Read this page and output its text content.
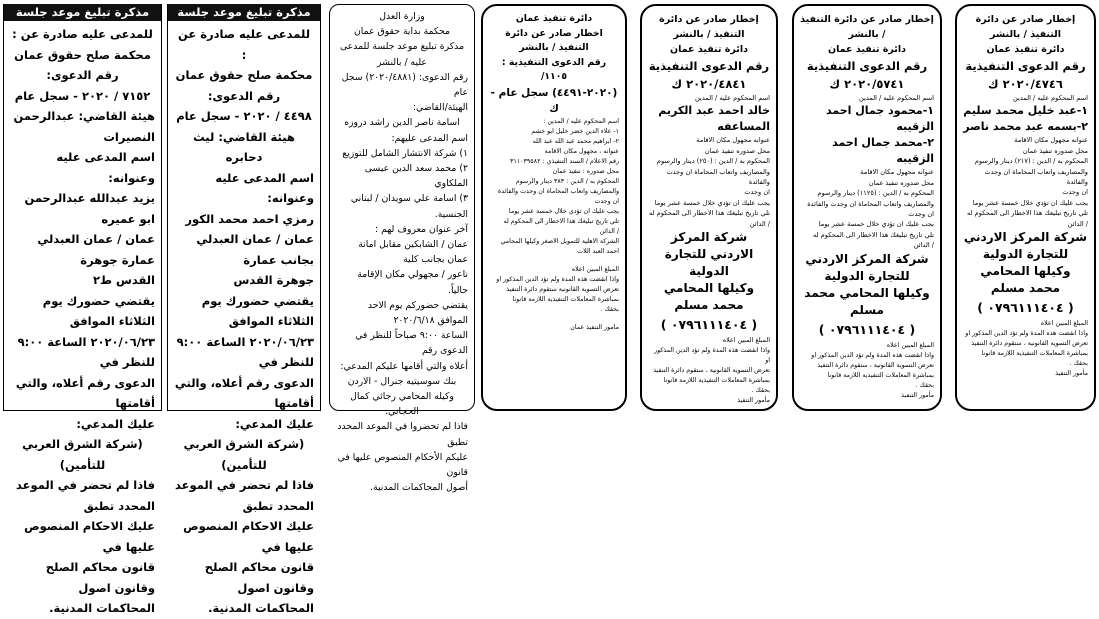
مذكرة تبليغ موعد جلسة

للمدعى عليه صادرة عن :

محكمة صلح حقوق عمان

رقم الدعوى:

٧١٥٢ / ٢٠٢٠ - سجل عام

هيئة القاضي: عبدالرحمن النصيرات

اسم المدعى عليه وعنوانه:

يزيد عبدالله عبدالرحمن ابو عميره

عمان / عمان العبدلي عمارة جوهرة

القدس ط٢

يقتضي حضورك يوم الثلاثاء الموافق

٢٠٢٠/٠٦/٢٣ الساعة ٩:٠٠ للنظر في

الدعوى رقم أعلاه، والتي أقامتها

عليك المدعي:

(شركة الشرق العربي للتأمين)

فاذا لم تحضر في الموعد المحدد تطبق

عليك الاحكام المنصوص عليها في

قانون محاكم الصلح وقانون اصول

المحاكمات المدنية.

مذكرة تبليغ موعد جلسة

للمدعى عليه صادرة عن :

محكمة صلح حقوق عمان

رقم الدعوى:

٤٤٩٨ / ٢٠٢٠ - سجل عام

هيئة القاضي: ليث دحابره

اسم المدعى عليه وعنوانه:

رمزي احمد محمد الكور

عمان / عمان العبدلي بجانب عمارة

جوهرة القدس

يقتضي حضورك يوم الثلاثاء الموافق

٢٠٢٠/٠٦/٢٣ الساعة ٩:٠٠ للنظر في

الدعوى رقم أعلاه، والتي أقامتها

عليك المدعي:

(شركة الشرق العربي للتأمين)

فاذا لم تحضر في الموعد المحدد تطبق

عليك الاحكام المنصوص عليها في

قانون محاكم الصلح وقانون اصول

المحاكمات المدنية.

وزارة العدل

محكمة بداية حقوق عمان

مذكرة تبليغ موعد جلسة للمدعى

عليه / بالنشر

رقم الدعوى: (٢٠٢٠/٤٨٨١) سجل عام

الهيئة/القاضي:

اسامة ناصر الدين راشد دروزه

اسم المدعى عليهم:

١) شركة الانتشار الشامل للتوزيع

٢) محمد سعد الدين عيسى الملكاوي

٣) اسامة علي سويدان / لبناني الجنسية.

آخر عنوان معروف لهم :

عمان / الشابكين مقابل امانة عمان بجانب كلية

ناعور / مجهولي مكان الإقامة حالياً.

يقتضي حضوركم يوم الاحد الموافق ٢٠٢٠/٦/١٨

الساعة ٩:٠٠ صباحاً للنظر في الدعوى رقم

أعلاه والتي أقامها عليكم المدعي:

بنك سوسيتيه جنرال - الاردن

وكيله المحامي رجائي كمال الحجاني.

فاذا لم تحضروا في الموعد المحدد تطبق

عليكم الأحكام المنصوص عليها في قانون

أصول المحاكمات المدنية.

دائرة تنفيذ عمان

اخطار صادر عن دائرة التنفيذ / بالنشر

رقم الدعوى التنفيذية : ١١٠٥/

(٢٠٢٠-٤٤٩١) سجل عام - ك

اسم المحكوم عليه / المدين :

١- علاء الدين خضر خليل ابو خشم

٢- ابراهيم محمد عبد الله عبد الله

عنوانه ، مجهول مكان الاقامة

رقم الاعلام / السند التنفيذي : ٣١١٠٣٩٥٨٢

محل صدوره : تنفيذ عمان

المحكوم به / الدين : ٣٨٣ دينار والرسوم

والمصاريف واتعاب المحاماة ان وجدت والفائدة

ان وجدت

يجب عليك ان تؤدي خلال خمسة عشر يوما

تلي تاريخ تبليغك هذا الاخطار الى المحكوم له

/ الدائن

الشركة الاهلية للتمويل الاصغر وكيلها المحامي

احمد العبد اللات

المبلغ المبين اعلاه

واذا انقضت هذه المدة ولم تؤد الدين المذكور او

تعرض التسوية القانونية ستقوم دائرة التنفيذ

بمباشرة المعاملات التنفيذية اللازمة قانونا

بحقك .

مامور التنفيذ عمان

إخطار صادر عن دائرة التنفيذ / بالنشر

دائرة تنفيذ عمان

رقم الدعوى التنفيذية

٢٠٢٠/٤٨٤١ ك

اسم المحكوم عليه / المدين

خالد احمد عبد الكريم المساعفه

عنوانه مجهول مكان الاقامة

محل صدوره تنفيذ عمان

المحكوم به / الدين : (٢٥٠) دينار والرسوم

والمصاريف واتعاب المحاماة ان وجدت والفائدة

ان وجدت

يجب عليك ان تؤدي خلال خمسة عشر يوما

تلي تاريخ تبليغك هذا الاخطار الى المحكوم له

/ الدائن

شركة المركز الاردني للتجارة الدولية

وكيلها المحامي محمد مسلم

( ٠٧٩٦١١١٤٠٤ )

المبلغ المبين اعلاه

واذا انقضت هذه المدة ولم تؤد الدين المذكور او

تعرض التسوية القانونية ، ستقوم دائرة التنفيذ

بمباشرة المعاملات التنفيذية اللازمة قانونا

بحقك .

مأمور التنفيذ

إخطار صادر عن دائرة التنفيذ / بالنشر

دائرة تنفيذ عمان

رقم الدعوى التنفيذية

٢٠٢٠/٥٧٤١ ك

اسم المحكوم عليه / المدين

١-محمود جمال احمد الزقيبه

٢-محمد جمال احمد الزقيبه

عنوانه مجهول مكان الاقامة

محل صدوره تنفيذ عمان

المحكوم به / الدين : (١١٢٥) دينار والرسوم

والمصاريف واتعاب المحاماة ان وجدت والفائدة

ان وجدت

يجب عليك ان تؤدي خلال خمسة عشر يوما

تلي تاريخ تبليغك هذا الاخطار الى المحكوم له

/ الدائن

شركة المركز الاردني للتجارة الدولية

وكيلها المحامي محمد مسلم

( ٠٧٩٦١١١٤٠٤ )

المبلغ المبين اعلاه

واذا انقضت هذه المدة ولم تؤد الدين المذكور او

تعرض التسوية القانونية ، ستقوم دائرة التنفيذ

بمباشرة المعاملات التنفيذية اللازمة قانونا

بحقك .

مأمور التنفيذ

إخطار صادر عن دائرة التنفيذ / بالنشر

دائرة تنفيذ عمان

رقم الدعوى التنفيذية

٢٠٢٠/٤٧٤٦ ك

اسم المحكوم عليه / المدين

١-عبد خليل محمد سليم

٢-بسمه عبد محمد ناصر

عنوانه مجهول مكان الاقامة

محل صدوره تنفيذ عمان

المحكوم به / الدين : (٢١٧) دينار والرسوم

والمصاريف واتعاب المحاماة ان وجدت والفائدة

ان وجدت

يجب عليك ان تؤدي خلال خمسة عشر يوما

تلي تاريخ تبليغك هذا الاخطار الى المحكوم له

/ الدائن

شركة المركز الاردني للتجارة الدولية

وكيلها المحامي محمد مسلم

( ٠٧٩٦١١١٤٠٤ )

المبلغ المبين اعلاه

واذا انقضت هذه المدة ولم تؤد الدين المذكور او

تعرض التسوية القانونية ، ستقوم دائرة التنفيذ

بمباشرة المعاملات التنفيذية اللازمة قانونا

بحقك .

مأمور التنفيذ
